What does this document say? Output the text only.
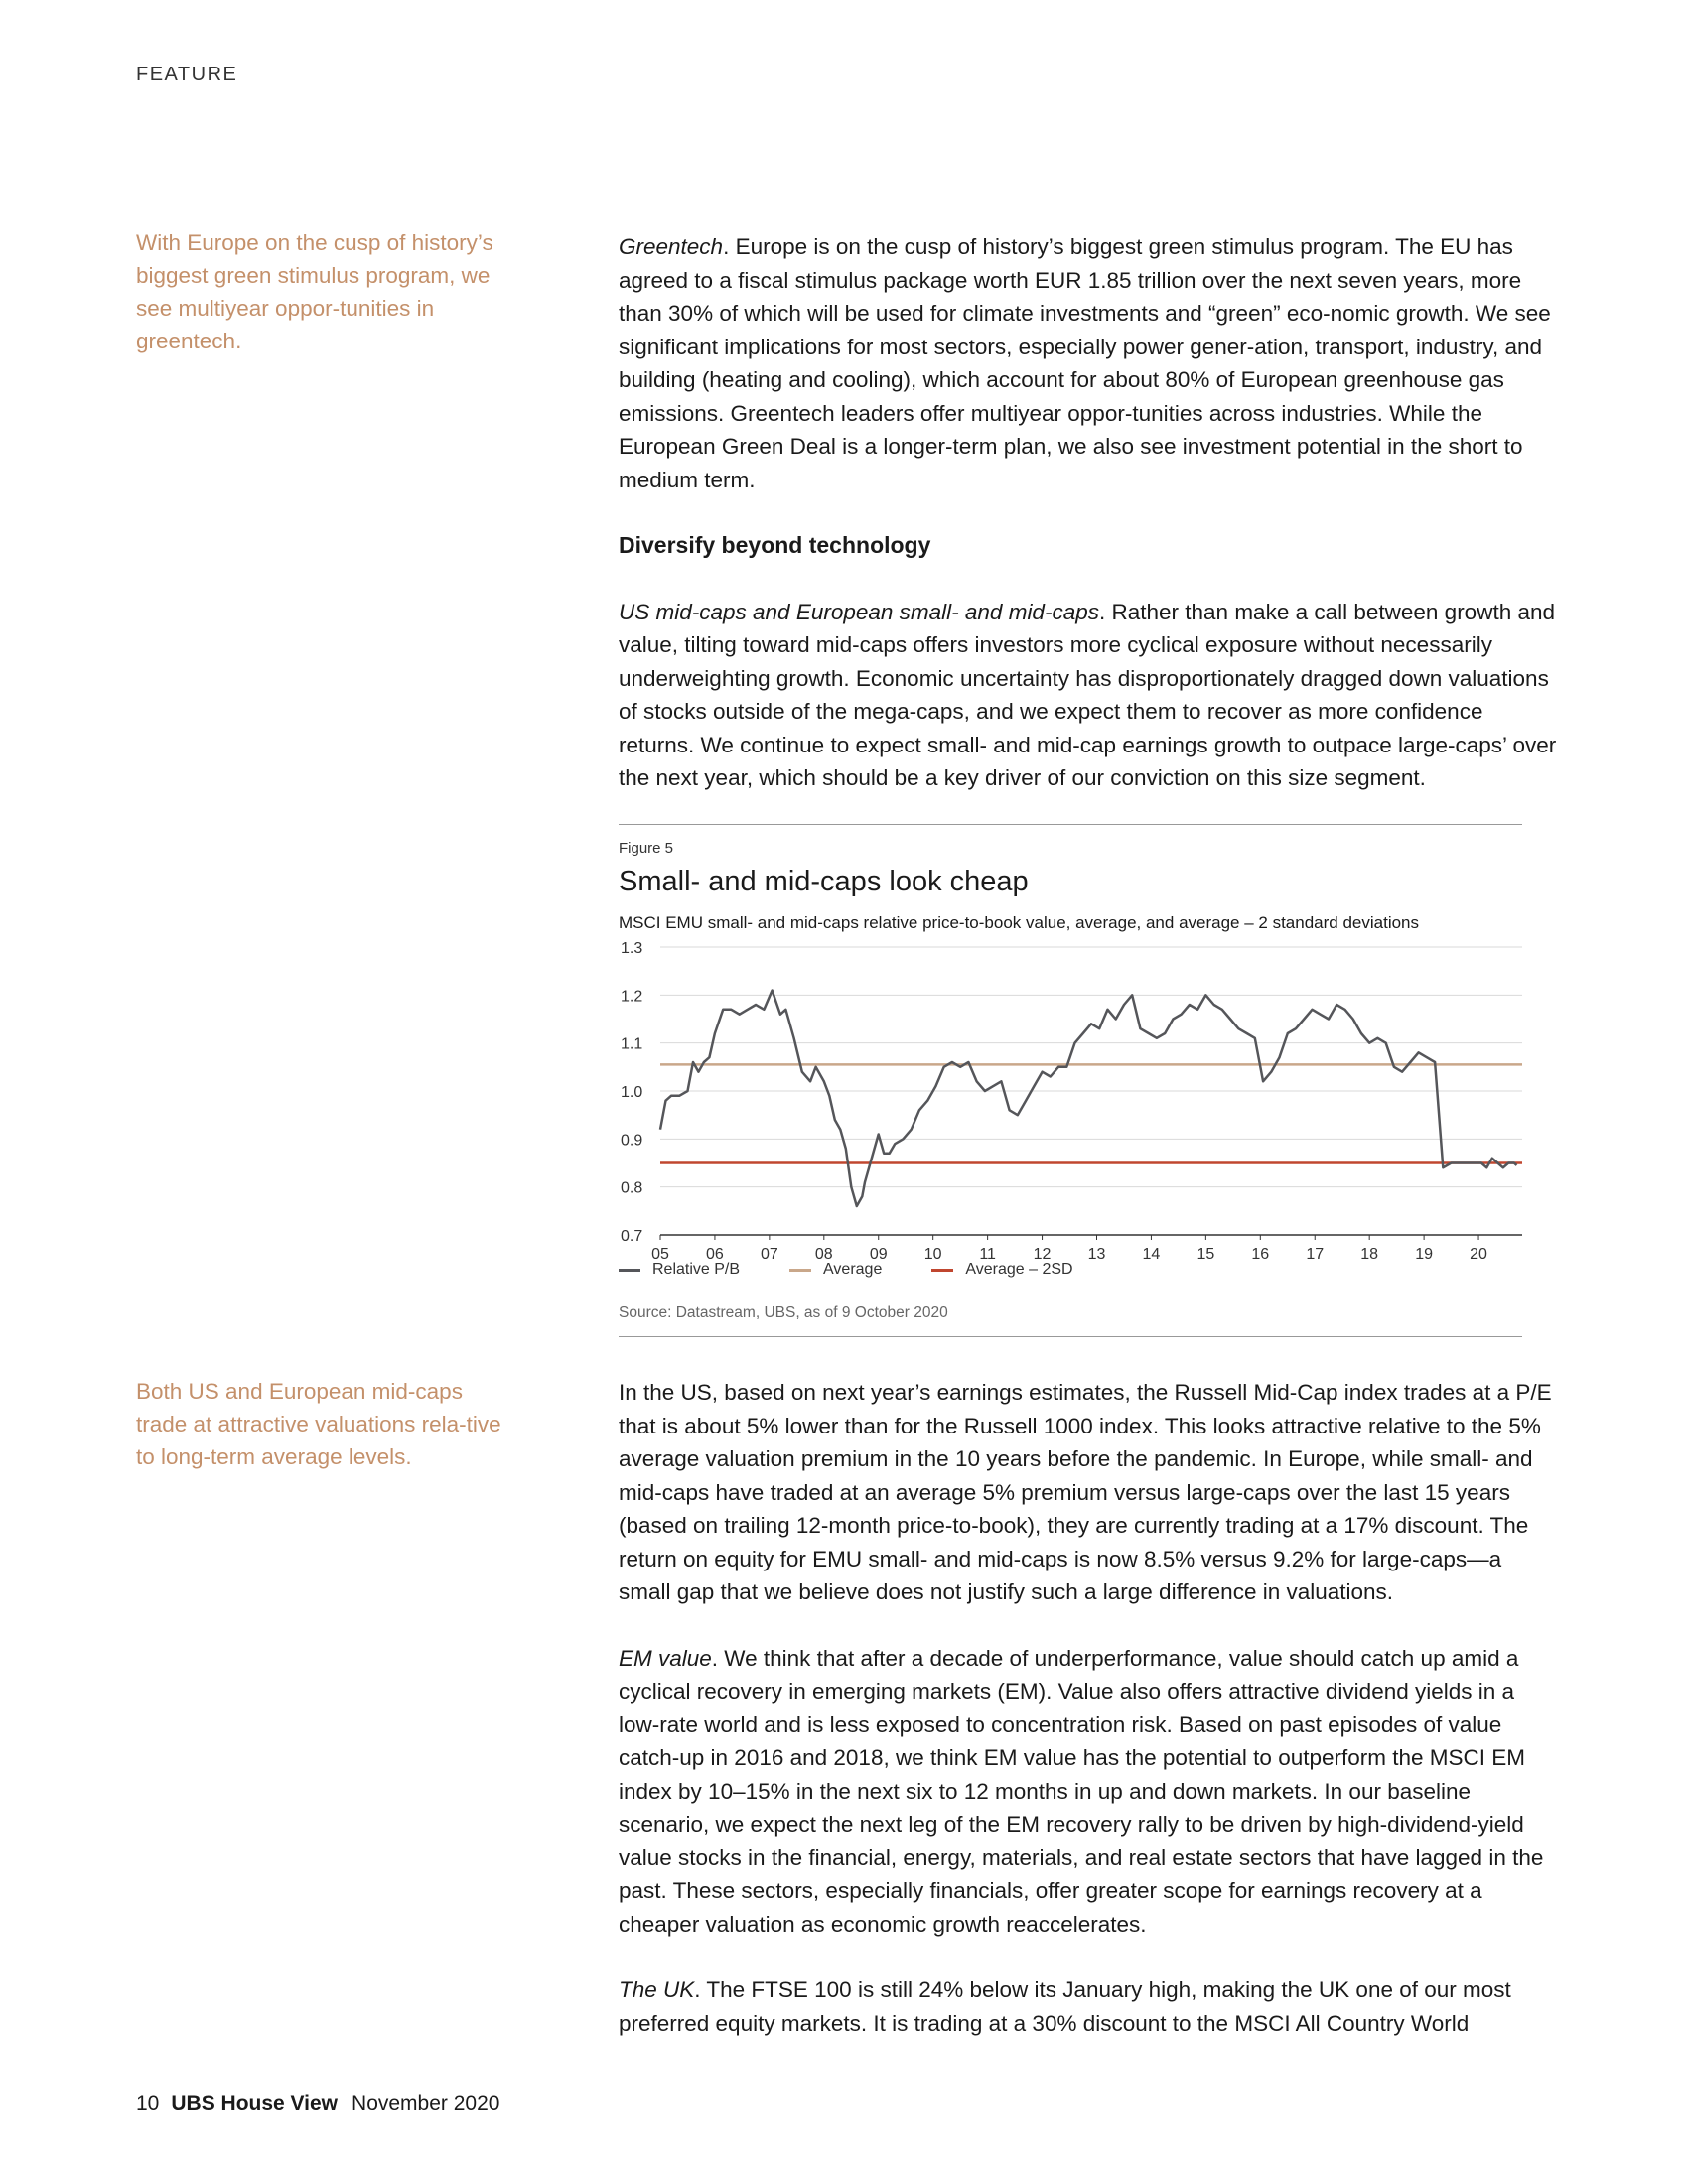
FEATURE
With Europe on the cusp of history’s biggest green stimulus program, we see multiyear oppor-tunities in greentech.

Greentech. Europe is on the cusp of history’s biggest green stimulus program. The EU has agreed to a fiscal stimulus package worth EUR 1.85 trillion over the next seven years, more than 30% of which will be used for climate investments and “green” eco-nomic growth. We see significant implications for most sectors, especially power gener-ation, transport, industry, and building (heating and cooling), which account for about 80% of European greenhouse gas emissions. Greentech leaders offer multiyear oppor-tunities across industries. While the European Green Deal is a longer-term plan, we also see investment potential in the short to medium term.

Diversify beyond technology

US mid-caps and European small- and mid-caps. Rather than make a call between growth and value, tilting toward mid-caps offers investors more cyclical exposure without necessarily underweighting growth. Economic uncertainty has disproportionately dragged down valuations of stocks outside of the mega-caps, and we expect them to recover as more confidence returns. We continue to expect small- and mid-cap earnings growth to outpace large-caps’ over the next year, which should be a key driver of our conviction on this size segment.

Figure 5
Small- and mid-caps look cheap
MSCI EMU small- and mid-caps relative price-to-book value, average, and average – 2 standard deviations
1.3
1.2
1.1
1.0
0.9
0.8
0.7
05 06 07 08 09 10 11 12 13 14 15 16 17 18 19 20
Relative P/B	Average	Average – 2SD
Source: Datastream, UBS, as of 9 October 2020
Both US and European mid-caps trade at attractive valuations rela-tive to long-term average levels.

In the US, based on next year’s earnings estimates, the Russell Mid-Cap index trades at a P/E that is about 5% lower than for the Russell 1000 index. This looks attractive relative to the 5% average valuation premium in the 10 years before the pandemic. In Europe, while small- and mid-caps have traded at an average 5% premium versus large-caps over the last 15 years (based on trailing 12-month price-to-book), they are currently trading at a 17% discount. The return on equity for EMU small- and mid-caps is now 8.5% versus 9.2% for large-caps—a small gap that we believe does not justify such a large difference in valuations.

EM value. We think that after a decade of underperformance, value should catch up amid a cyclical recovery in emerging markets (EM). Value also offers attractive dividend yields in a low-rate world and is less exposed to concentration risk. Based on past episodes of value catch-up in 2016 and 2018, we think EM value has the potential to outperform the MSCI EM index by 10–15% in the next six to 12 months in up and down markets. In our baseline scenario, we expect the next leg of the EM recovery rally to be driven by high-dividend-yield value stocks in the financial, energy, materials, and real estate sectors that have lagged in the past. These sectors, especially financials, offer greater scope for earnings recovery at a cheaper valuation as economic growth reaccelerates.

The UK. The FTSE 100 is still 24% below its January high, making the UK one of our most preferred equity markets. It is trading at a 30% discount to the MSCI All Country World

10 UBS House View November 2020
